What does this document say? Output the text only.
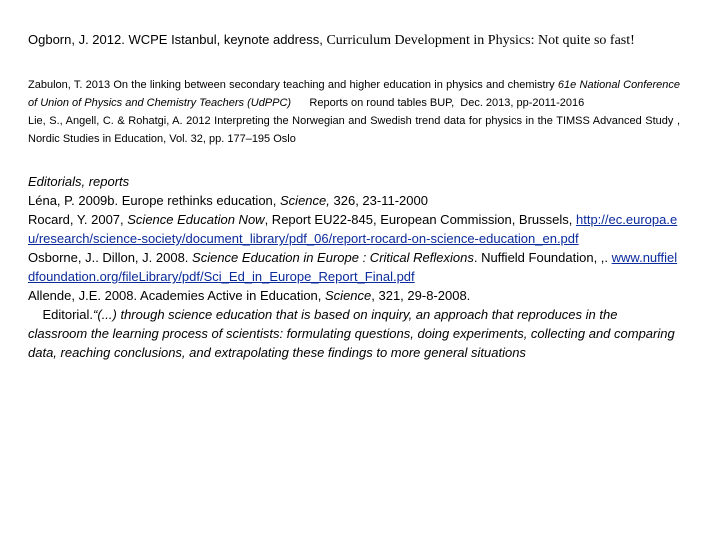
Ogborn, J. 2012. WCPE Istanbul, keynote address, Curriculum Development in Physics: Not quite so fast!

Zabulon, T. 2013 On the linking between secondary teaching and higher education in physics and chemistry 61e National Conference of Union of Physics and Chemistry Teachers (UdPPC)      Reports on round tables BUP,  Dec. 2013, pp-2011-2016

Lie, S., Angell, C. & Rohatgi, A. 2012 Interpreting the Norwegian and Swedish trend data for physics in the TIMSS Advanced Study , Nordic Studies in Education, Vol. 32, pp. 177–195 Oslo

Editorials, reports

Léna, P. 2009b. Europe rethinks education, Science, 326, 23-11-2000

Rocard, Y. 2007, Science Education Now, Report EU22-845, European Commission, Brussels, http://ec.europa.eu/research/science-society/document_library/pdf_06/report-rocard-on-science-education_en.pdf

Osborne, J.. Dillon, J. 2008. Science Education in Europe : Critical Reflexions. Nuffield Foundation, ,. www.nuffieldfoundation.org/fileLibrary/pdf/Sci_Ed_in_Europe_Report_Final.pdf

Allende, J.E. 2008. Academies Active in Education, Science, 321, 29-8-2008.

Editorial.“(...) through science education that is based on inquiry, an approach that reproduces in the classroom the learning process of scientists: formulating questions, doing experiments, collecting and comparing data, reaching conclusions, and extrapolating these findings to more general situations
